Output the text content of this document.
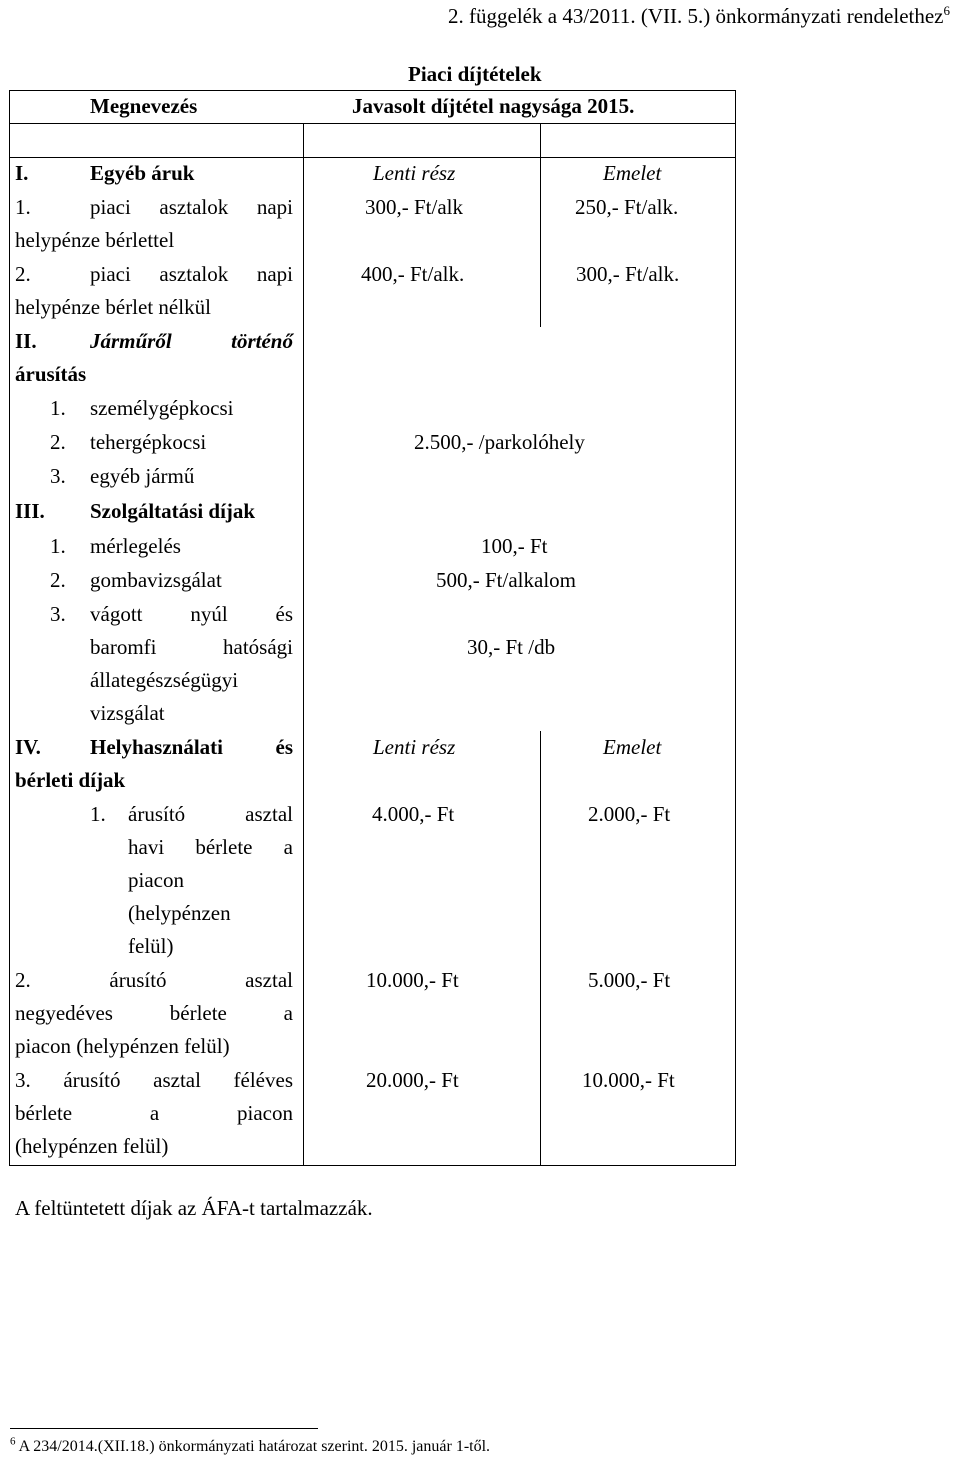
2. függelék a 43/2011. (VII. 5.) önkormányzati rendelethez$^6$
Piaci díjtételek
Megnevezés	Javasolt díjtétel nagysága 2015.
I.	Egyéb áruk	Lenti rész	Emelet
1.	piaci asztalok napi
helypénze bérlettel
300,- Ft/alk	250,- Ft/alk.
2.	piaci asztalok napi
helypénze bérlet nélkül
400,- Ft/alk.	300,- Ft/alk.
II.	Járműről történő
árusítás
1. személygépkocsi
2. tehergépkocsi
3. egyéb jármű
2.500,- /parkolóhely
III. Szolgáltatási díjak
1. mérlegelés	100,- Ft
2. gombavizsgálat	500,- Ft/alkalom
3. vágott nyúl és
baromfi hatósági
állategészségügyi
vizsgálat
30,- Ft /db
IV. Helyhasználati és
bérleti díjak
Lenti rész	Emelet
1. árusító asztal
havi bérlete a
piacon
(helypénzen
felül)
4.000,- Ft	2.000,- Ft
2.	árusító asztal
negyedéves bérlete a
piacon (helypénzen felül)
10.000,- Ft	5.000,- Ft
3. árusító asztal féléves
bérlete a piacon
(helypénzen felül)
20.000,- Ft	10.000,- Ft
A feltüntetett díjak az ÁFA-t tartalmazzák.
$^6$ A 234/2014.(XII.18.) önkormányzati határozat szerint. 2015. január 1-től.
